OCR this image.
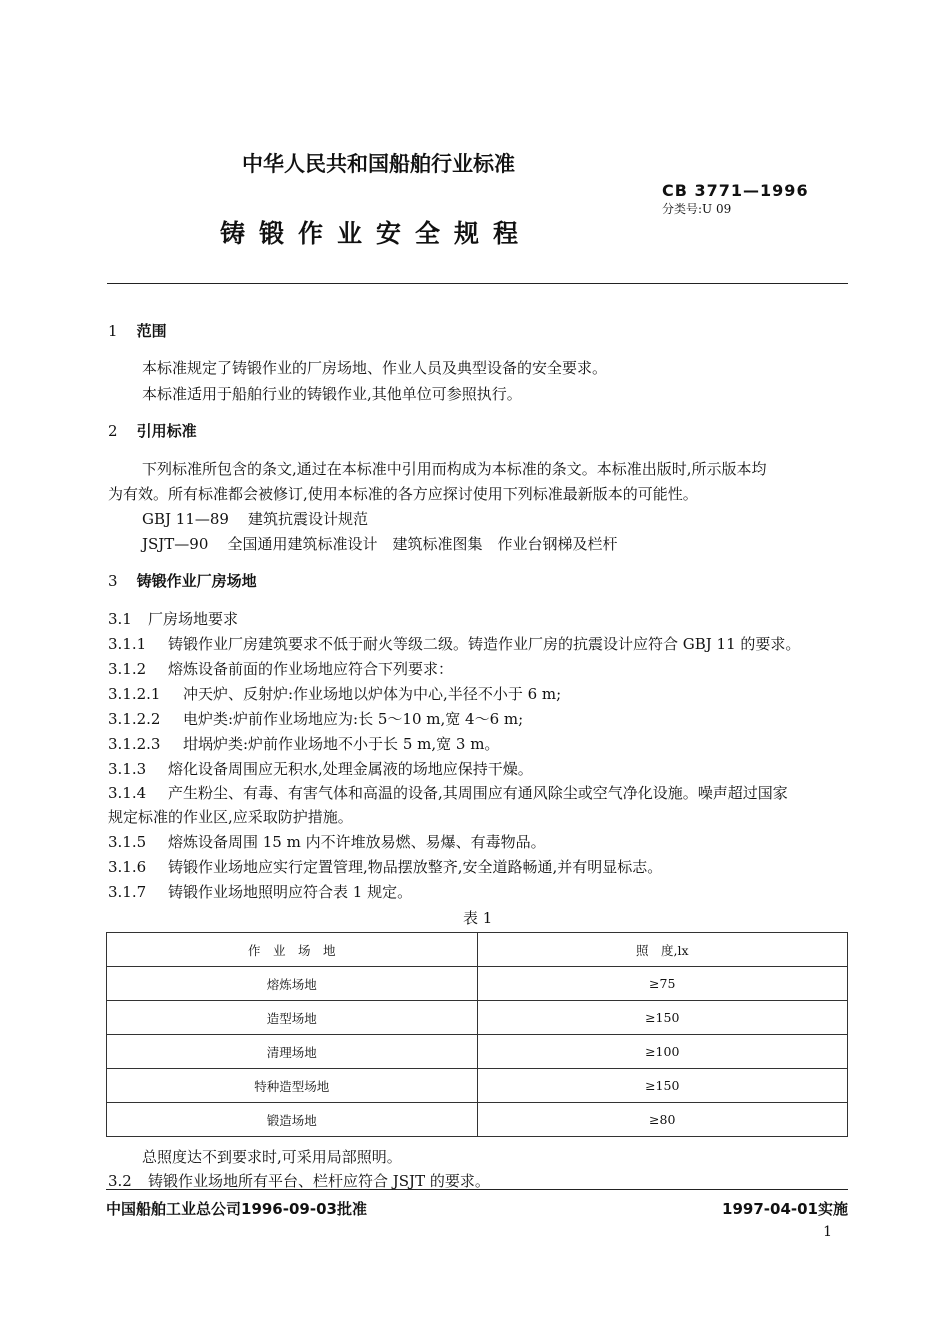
中华人民共和国船舶行业标准
CB 3771—1996
分类号:U 09
铸锻作业安全规程
1 范围
本标准规定了铸锻作业的厂房场地、作业人员及典型设备的安全要求。
本标准适用于船舶行业的铸锻作业,其他单位可参照执行。
2 引用标准
下列标准所包含的条文,通过在本标准中引用而构成为本标准的条文。本标准出版时,所示版本均
为有效。所有标准都会被修订,使用本标准的各方应探讨使用下列标准最新版本的可能性。
GBJ 11—89 建筑抗震设计规范
JSJT—90 全国通用建筑标准设计　建筑标准图集　作业台钢梯及栏杆
3 铸锻作业厂房场地
3.1 厂房场地要求
3.1.1 铸锻作业厂房建筑要求不低于耐火等级二级。铸造作业厂房的抗震设计应符合 GBJ 11 的要求。
3.1.2 熔炼设备前面的作业场地应符合下列要求：
3.1.2.1 冲天炉、反射炉:作业场地以炉体为中心,半径不小于 6 m;
3.1.2.2 电炉类:炉前作业场地应为:长 5～10 m,宽 4～6 m;
3.1.2.3 坩埚炉类:炉前作业场地不小于长 5 m,宽 3 m。
3.1.3 熔化设备周围应无积水,处理金属液的场地应保持干燥。
3.1.4 产生粉尘、有毒、有害气体和高温的设备,其周围应有通风除尘或空气净化设施。噪声超过国家
规定标准的作业区,应采取防护措施。
3.1.5 熔炼设备周围 15 m 内不许堆放易燃、易爆、有毒物品。
3.1.6 铸锻作业场地应实行定置管理,物品摆放整齐,安全道路畅通,并有明显标志。
3.1.7 铸锻作业场地照明应符合表 1 规定。
表 1
作　业　场　地	照　度,lx
熔炼场地	≥75
造型场地	≥150
清理场地	≥100
特种造型场地	≥150
锻造场地	≥80
总照度达不到要求时,可采用局部照明。
3.2 铸锻作业场地所有平台、栏杆应符合 JSJT 的要求。
中国船舶工业总公司1996-09-03批准	1997-04-01实施
1
